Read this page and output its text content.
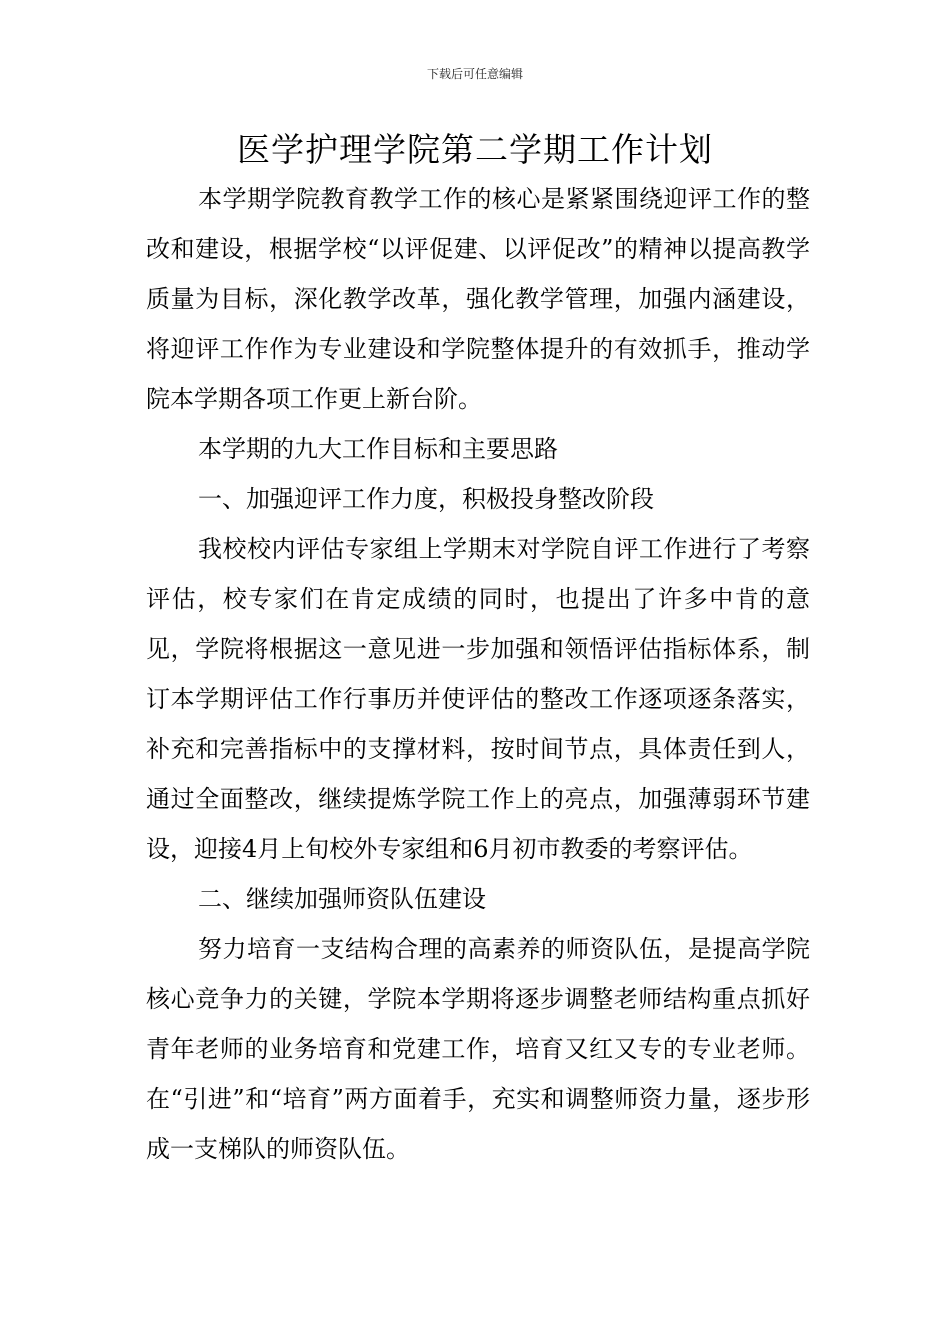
下载后可任意编辑
医学护理学院第二学期工作计划

本学期学院教育教学工作的核心是紧紧围绕迎评工作的整改和建设，根据学校“以评促建、以评促改”的精神以提高教学质量为目标，深化教学改革，强化教学管理，加强内涵建设，将迎评工作作为专业建设和学院整体提升的有效抓手，推动学院本学期各项工作更上新台阶。

本学期的九大工作目标和主要思路

一、加强迎评工作力度，积极投身整改阶段

我校校内评估专家组上学期末对学院自评工作进行了考察评估，校专家们在肯定成绩的同时，也提出了许多中肯的意见，学院将根据这一意见进一步加强和领悟评估指标体系，制订本学期评估工作行事历并使评估的整改工作逐项逐条落实，补充和完善指标中的支撑材料，按时间节点，具体责任到人，通过全面整改，继续提炼学院工作上的亮点，加强薄弱环节建设，迎接4月上旬校外专家组和6月初市教委的考察评估。

二、继续加强师资队伍建设

努力培育一支结构合理的高素养的师资队伍，是提高学院核心竞争力的关键，学院本学期将逐步调整老师结构重点抓好青年老师的业务培育和党建工作，培育又红又专的专业老师。在“引进”和“培育”两方面着手，充实和调整师资力量，逐步形成一支梯队的师资队伍。
